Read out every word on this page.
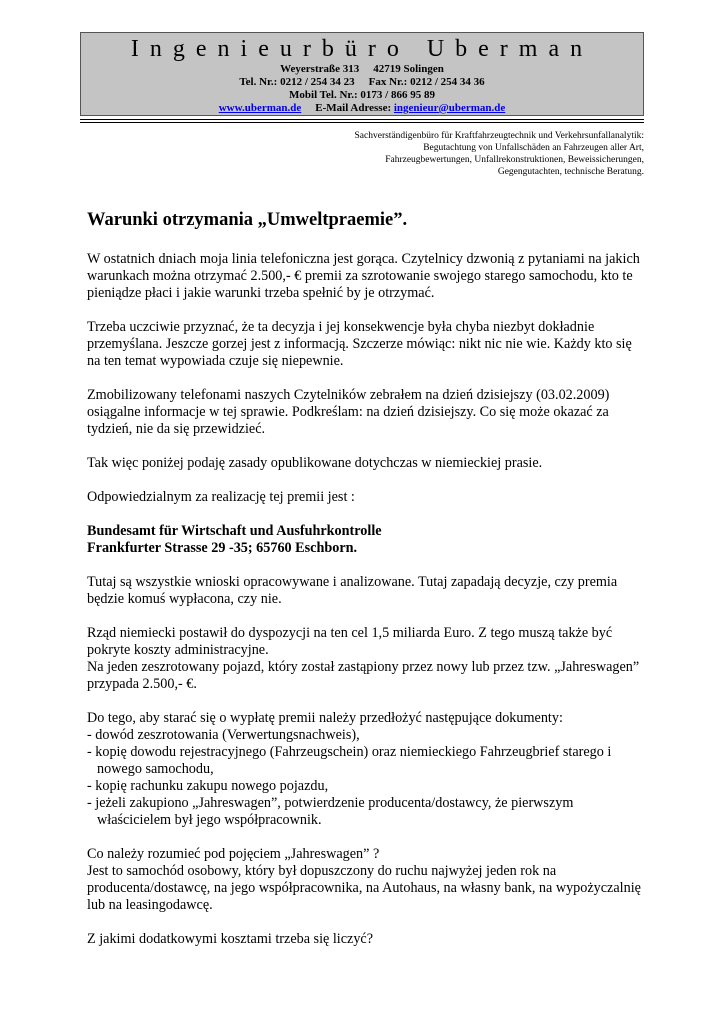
Ingenieurbüro Uberman
Weyerstraße 313 42719 Solingen
Tel. Nr.: 0212 / 254 34 23 Fax Nr.: 0212 / 254 34 36
Mobil Tel. Nr.: 0173 / 866 95 89
www.uberman.de E-Mail Adresse: ingenieur@uberman.de
Sachverständigenbüro für Kraftfahrzeugtechnik und Verkehrsunfallanalytik:
Begutachtung von Unfallschäden an Fahrzeugen aller Art,
Fahrzeugbewertungen, Unfallrekonstruktionen, Beweissicherungen,
Gegengutachten, technische Beratung.
Warunki otrzymania „Umweltpraemie”.

W ostatnich dniach moja linia telefoniczna jest gorąca. Czytelnicy dzwonią z pytaniami na jakich warunkach można otrzymać 2.500,- € premii za szrotowanie swojego starego samochodu, kto te pieniądze płaci i jakie warunki trzeba spełnić by je otrzymać.

Trzeba uczciwie przyznać, że ta decyzja i jej konsekwencje była chyba niezbyt dokładnie przemyślana. Jeszcze gorzej jest z informacją. Szczerze mówiąc: nikt nic nie wie. Każdy kto się na ten temat wypowiada czuje się niepewnie.

Zmobilizowany telefonami naszych Czytelników zebrałem na dzień dzisiejszy (03.02.2009) osiągalne informacje w tej sprawie. Podkreślam: na dzień dzisiejszy. Co się może okazać za tydzień, nie da się przewidzieć.

Tak więc poniżej podaję zasady opublikowane dotychczas w niemieckiej prasie.

Odpowiedzialnym za realizację tej premii jest :

Bundesamt für Wirtschaft und Ausfuhrkontrolle
Frankfurter Strasse 29 -35; 65760 Eschborn.

Tutaj są wszystkie wnioski opracowywane i analizowane. Tutaj zapadają decyzje, czy premia będzie komuś wypłacona, czy nie.

Rząd niemiecki postawił do dyspozycji na ten cel 1,5 miliarda Euro. Z tego muszą także być pokryte koszty administracyjne.
Na jeden zeszrotowany pojazd, który został zastąpiony przez nowy lub przez tzw. „Jahreswagen” przypada 2.500,- €.

Do tego, aby starać się o wypłatę premii należy przedłożyć następujące dokumenty:
- dowód zeszrotowania (Verwertungsnachweis),
- kopię dowodu rejestracyjnego (Fahrzeugschein) oraz niemieckiego Fahrzeugbrief starego i nowego samochodu,
- kopię rachunku zakupu nowego pojazdu,
- jeżeli zakupiono „Jahreswagen”, potwierdzenie producenta/dostawcy, że pierwszym właścicielem był jego współpracownik.

Co należy rozumieć pod pojęciem „Jahreswagen” ?
Jest to samochód osobowy, który był dopuszczony do ruchu najwyżej jeden rok na producenta/dostawcę, na jego współpracownika, na Autohaus, na własny bank, na wypożyczalnię lub na leasingodawcę.

Z jakimi dodatkowymi kosztami trzeba się liczyć?
